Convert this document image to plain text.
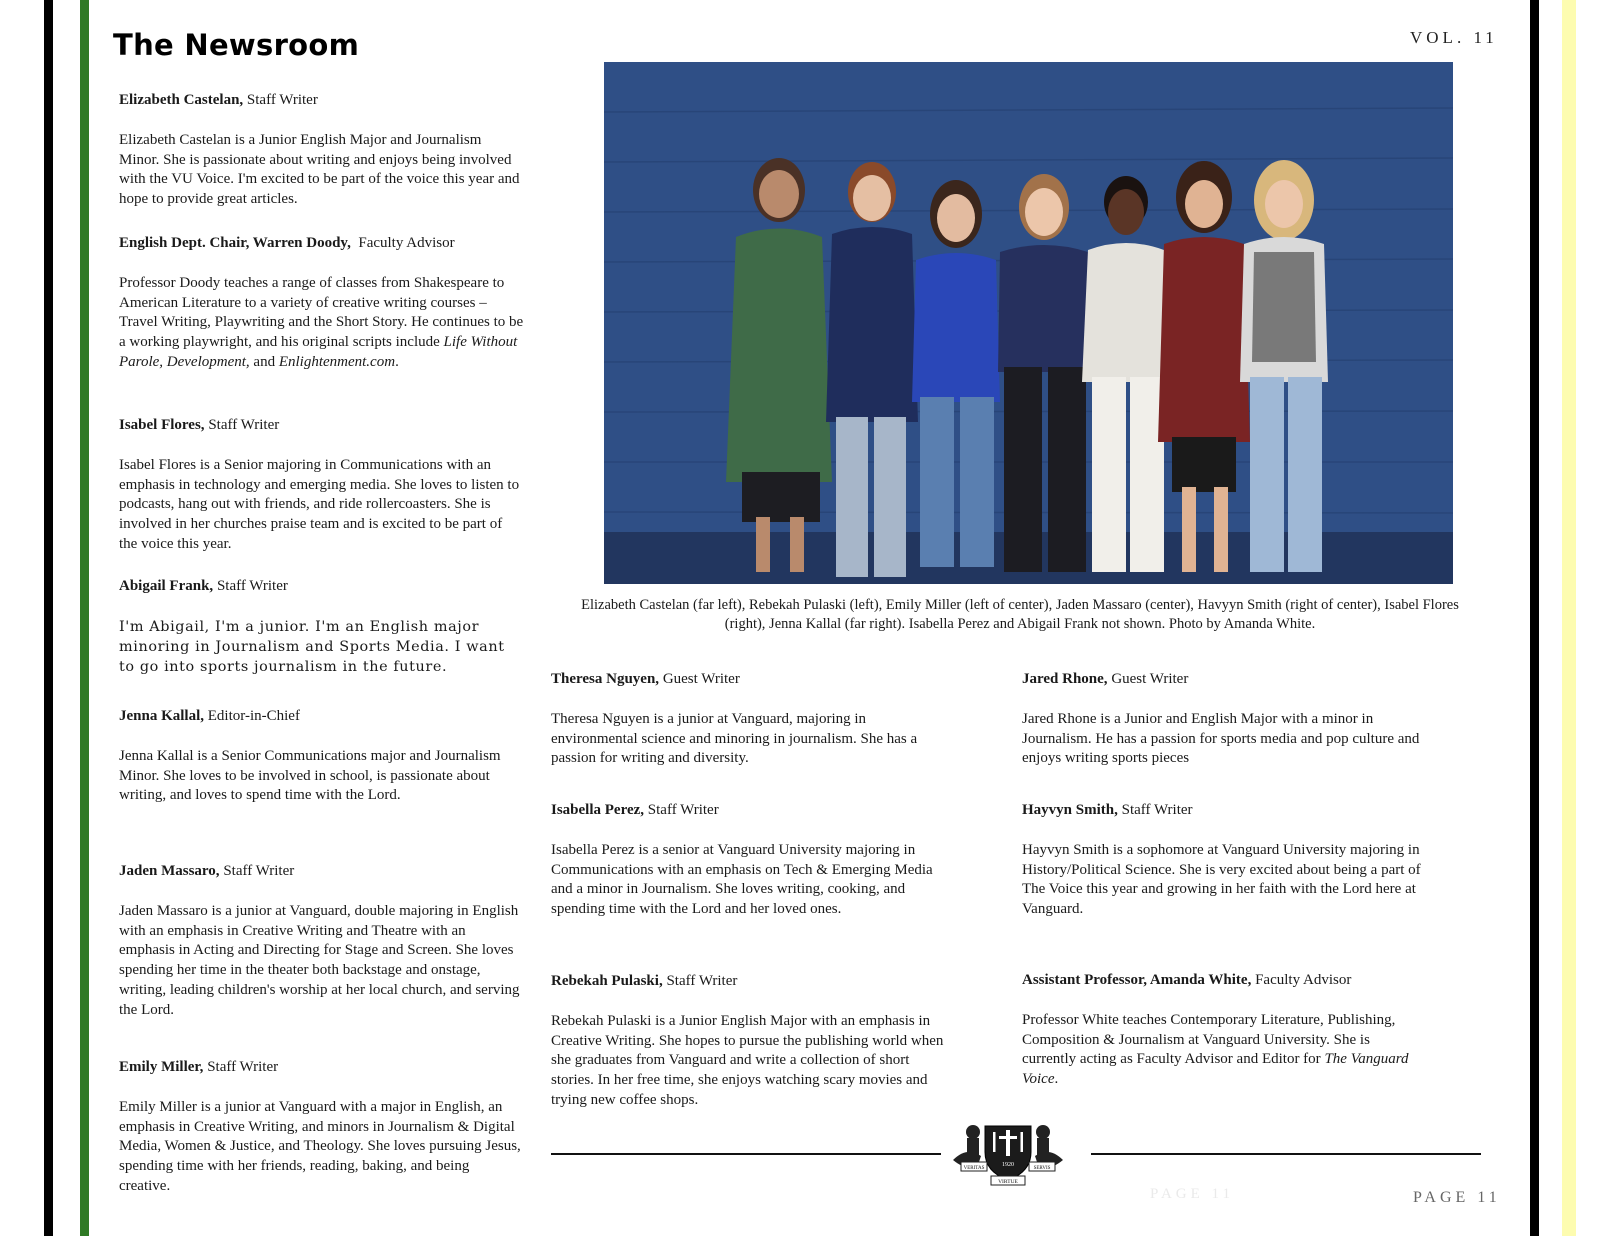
The Newsroom	VOL. 11
Elizabeth Castelan, Staff Writer

Elizabeth Castelan is a Junior English Major and Journalism Minor. She is passionate about writing and enjoys being involved with the VU Voice. I'm excited to be part of the voice this year and hope to provide great articles.

English Dept. Chair, Warren Doody, Faculty Advisor

Professor Doody teaches a range of classes from Shakespeare to American Literature to a variety of creative writing courses – Travel Writing, Playwriting and the Short Story. He continues to be a working playwright, and his original scripts include Life Without Parole, Development, and Enlightenment.com.

Isabel Flores, Staff Writer

Isabel Flores is a Senior majoring in Communications with an emphasis in technology and emerging media. She loves to listen to podcasts, hang out with friends, and ride rollercoasters. She is involved in her churches praise team and is excited to be part of the voice this year.

Abigail Frank, Staff Writer

I'm Abigail, I'm a junior. I'm an English major minoring in Journalism and Sports Media. I want to go into sports journalism in the future.

Jenna Kallal, Editor-in-Chief

Jenna Kallal is a Senior Communications major and Journalism Minor. She loves to be involved in school, is passionate about writing, and loves to spend time with the Lord.

Jaden Massaro, Staff Writer

Jaden Massaro is a junior at Vanguard, double majoring in English with an emphasis in Creative Writing and Theatre with an emphasis in Acting and Directing for Stage and Screen. She loves spending her time in the theater both backstage and onstage, writing, leading children's worship at her local church, and serving the Lord.

Emily Miller, Staff Writer

Emily Miller is a junior at Vanguard with a major in English, an emphasis in Creative Writing, and minors in Journalism & Digital Media, Women & Justice, and Theology. She loves pursuing Jesus, spending time with her friends, reading, baking, and being creative.

Elizabeth Castelan (far left), Rebekah Pulaski (left), Emily Miller (left of center), Jaden Massaro (center), Havyyn Smith (right of center), Isabel Flores (right), Jenna Kallal (far right). Isabella Perez and Abigail Frank not shown. Photo by Amanda White.
Theresa Nguyen, Guest Writer

Theresa Nguyen is a junior at Vanguard, majoring in environmental science and minoring in journalism. She has a passion for writing and diversity.

Isabella Perez, Staff Writer

Isabella Perez is a senior at Vanguard University majoring in Communications with an emphasis on Tech & Emerging Media and a minor in Journalism. She loves writing, cooking, and spending time with the Lord and her loved ones.

Rebekah Pulaski, Staff Writer

Rebekah Pulaski is a Junior English Major with an emphasis in Creative Writing. She hopes to pursue the publishing world when she graduates from Vanguard and write a collection of short stories. In her free time, she enjoys watching scary movies and trying new coffee shops.

Jared Rhone, Guest Writer

Jared Rhone is a Junior and English Major with a minor in Journalism. He has a passion for sports media and pop culture and enjoys writing sports pieces

Hayvyn Smith, Staff Writer

Hayvyn Smith is a sophomore at Vanguard University majoring in History/Political Science. She is very excited about being a part of The Voice this year and growing in her faith with the Lord here at Vanguard.

Assistant Professor, Amanda White, Faculty Advisor

Professor White teaches Contemporary Literature, Publishing, Composition & Journalism at Vanguard University. She is currently acting as Faculty Advisor and Editor for The Vanguard Voice.

VERITAS	SERVIS
1920
VIRTUE
PAGE 11	PAGE 11
